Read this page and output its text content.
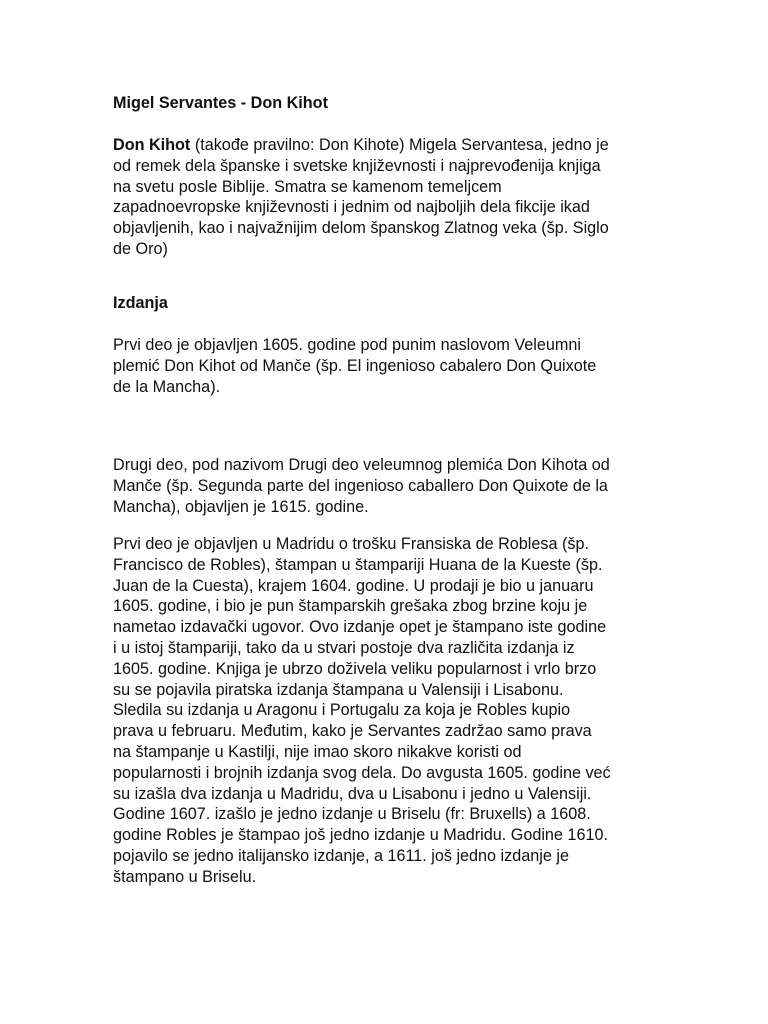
Migel Servantes - Don Kihot
Don Kihot (takođe pravilno: Don Kihote) Migela Servantesa, jedno je
od remek dela španske i svetske književnosti i najprevođenija knjiga
na svetu posle Biblije. Smatra se kamenom temeljcem
zapadnoevropske književnosti i jednim od najboljih dela fikcije ikad
objavljenih, kao i najvažnijim delom španskog Zlatnog veka (šp. Siglo
de Oro)
Izdanja
Prvi deo je objavljen 1605. godine pod punim naslovom Veleumni
plemić Don Kihot od Manče (šp. El ingenioso cabalero Don Quixote
de la Mancha).
Drugi deo, pod nazivom Drugi deo veleumnog plemića Don Kihota od
Manče (šp. Segunda parte del ingenioso caballero Don Quixote de la
Mancha), objavljen je 1615. godine.
Prvi deo je objavljen u Madridu o trošku Fransiska de Roblesa (šp.
Francisco de Robles), štampan u štampariji Huana de la Kueste (šp.
Juan de la Cuesta), krajem 1604. godine. U prodaji je bio u januaru
1605. godine, i bio je pun štamparskih grešaka zbog brzine koju je
nametao izdavački ugovor. Ovo izdanje opet je štampano iste godine
i u istoj štampariji, tako da u stvari postoje dva različita izdanja iz
1605. godine. Knjiga je ubrzo doživela veliku popularnost i vrlo brzo
su se pojavila piratska izdanja štampana u Valensiji i Lisabonu.
Sledila su izdanja u Aragonu i Portugalu za koja je Robles kupio
prava u februaru. Međutim, kako je Servantes zadržao samo prava
na štampanje u Kastilji, nije imao skoro nikakve koristi od
popularnosti i brojnih izdanja svog dela. Do avgusta 1605. godine već
su izašla dva izdanja u Madridu, dva u Lisabonu i jedno u Valensiji.
Godine 1607. izašlo je jedno izdanje u Briselu (fr: Bruxells) a 1608.
godine Robles je štampao još jedno izdanje u Madridu. Godine 1610.
pojavilo se jedno italijansko izdanje, a 1611. još jedno izdanje je
štampano u Briselu.
